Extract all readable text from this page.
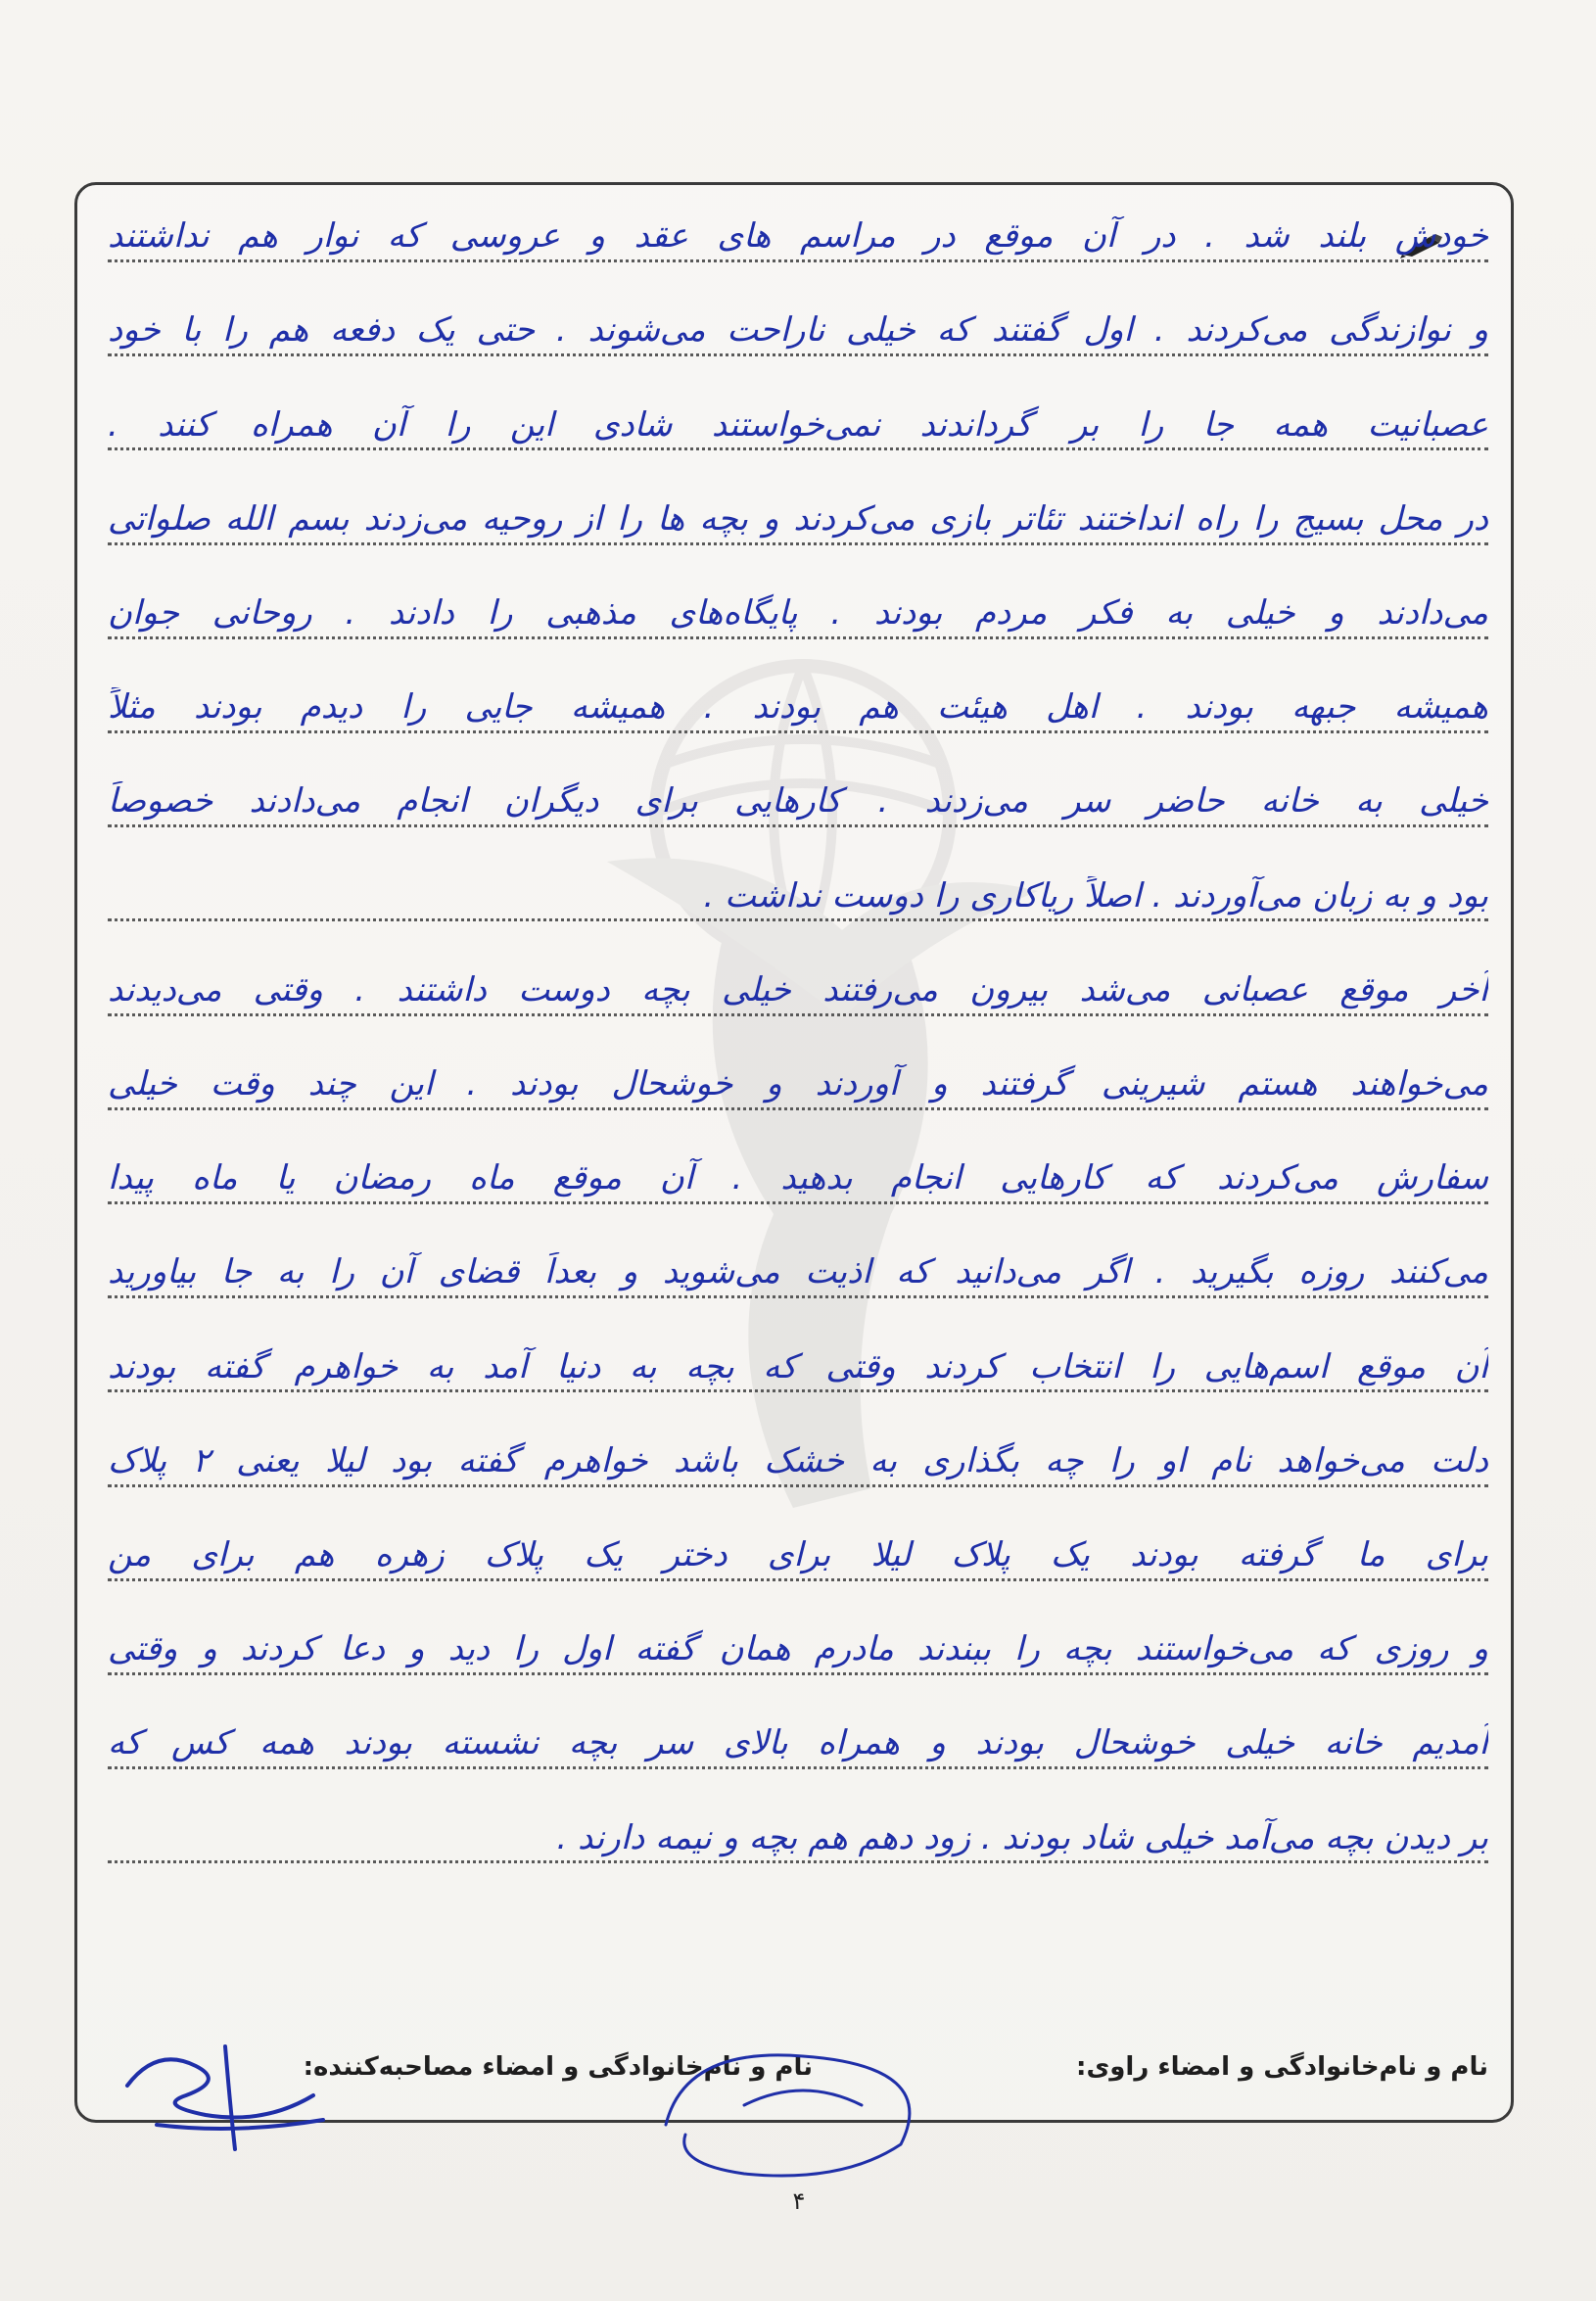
خودش بلند شد . در آن موقع در مراسم های عقد و عروسی که نوار هم نداشتند
و نوازندگی می‌کردند . اول گفتند که خیلی ناراحت می‌شوند . حتی یک دفعه هم را با خود
عصبانیت همه جا را بر گرداندند نمی‌خواستند شادی این را آن همراه کنند .
در محل بسیج را راه انداختند تئاتر بازی می‌کردند و بچه ها را از روحیه می‌زدند بسم الله صلواتی
می‌دادند و خیلی به فکر مردم بودند . پایگاه‌های مذهبی را دادند . روحانی جوان
همیشه جبهه بودند . اهل هیئت هم بودند . همیشه جایی را دیدم بودند مثلاً
خیلی به خانه حاضر سر می‌زدند . کارهایی برای دیگران انجام می‌دادند خصوصاً
بود و به زبان می‌آوردند . اصلاً ریاکاری را دوست نداشت .
آخر موقع عصبانی می‌شد بیرون می‌رفتند خیلی بچه دوست داشتند . وقتی می‌دیدند
می‌خواهند هستم شیرینی گرفتند و آوردند و خوشحال بودند . این چند وقت خیلی
سفارش می‌کردند که کارهایی انجام بدهید . آن موقع ماه رمضان یا ماه پیدا
می‌کنند روزه بگیرید . اگر می‌دانید که اذیت می‌شوید و بعداً قضای آن را به جا بیاورید
آن موقع اسم‌هایی را انتخاب کردند وقتی که بچه به دنیا آمد به خواهرم گفته بودند
دلت می‌خواهد نام او را چه بگذاری به خشک باشد خواهرم گفته بود لیلا یعنی ۲ پلاک
برای ما گرفته بودند یک پلاک لیلا برای دختر یک پلاک زهره هم برای من
و روزی که می‌خواستند بچه را ببندند مادرم همان گفته اول را دید و دعا کردند و وقتی
آمدیم خانه خیلی خوشحال بودند و همراه بالای سر بچه نشسته بودند همه کس که
بر دیدن بچه می‌آمد خیلی شاد بودند . زود دهم هم بچه و نیمه دارند .
نام و نام‌خانوادگی و امضاء راوی:
نام و نام‌خانوادگی و امضاء مصاحبه‌کننده:
۴
